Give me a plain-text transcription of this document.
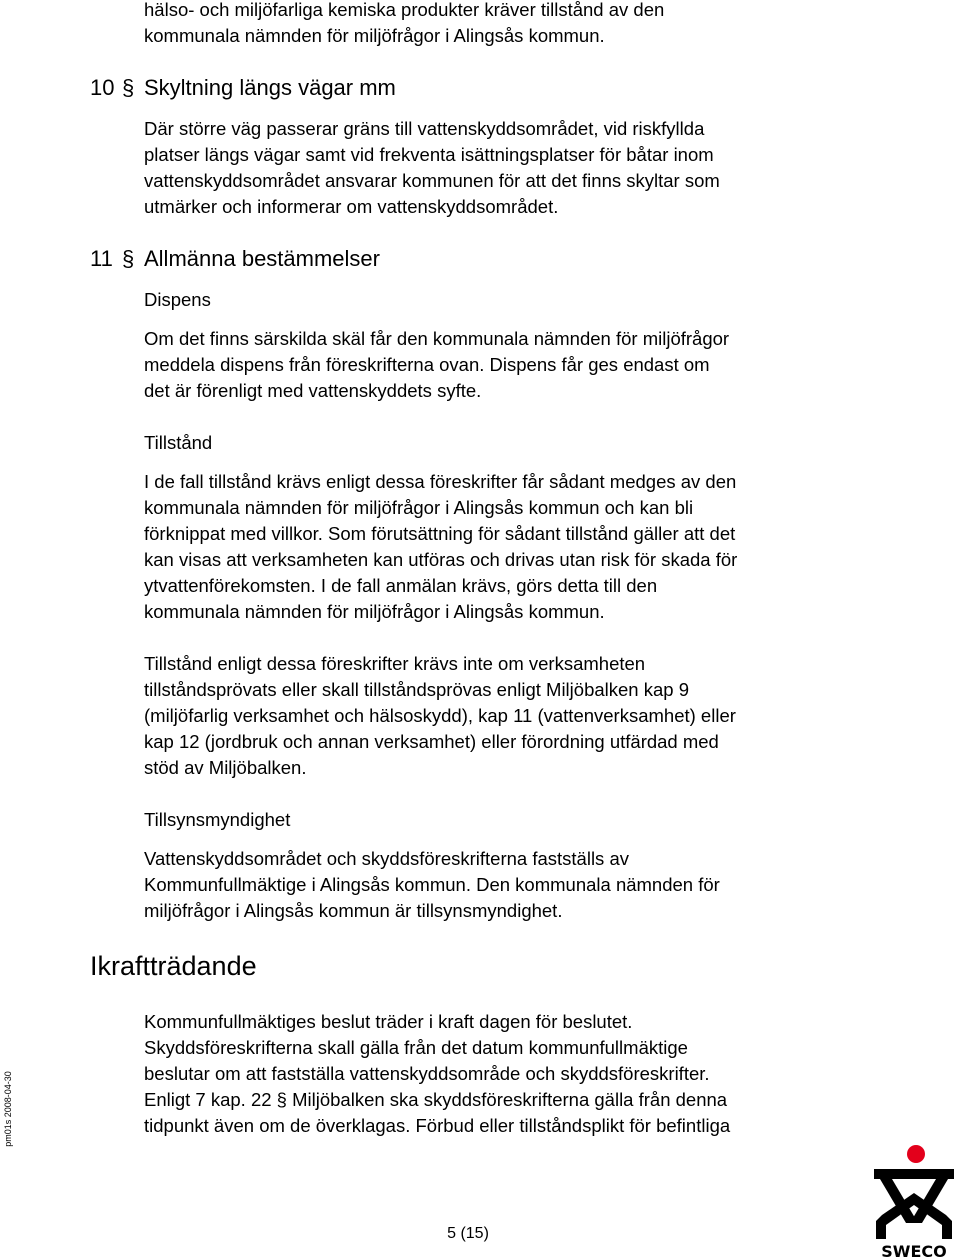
hälso- och miljöfarliga kemiska produkter kräver tillstånd av den
kommunala nämnden för miljöfrågor i Alingsås kommun.

10 § Skyltning längs vägar mm

Där större väg passerar gräns till vattenskyddsområdet, vid riskfyllda
platser längs vägar samt vid frekventa isättningsplatser för båtar inom
vattenskyddsområdet ansvarar kommunen för att det finns skyltar som
utmärker och informerar om vattenskyddsområdet.

11 § Allmänna bestämmelser

Dispens

Om det finns särskilda skäl får den kommunala nämnden för miljöfrågor
meddela dispens från föreskrifterna ovan. Dispens får ges endast om
det är förenligt med vattenskyddets syfte.

Tillstånd

I de fall tillstånd krävs enligt dessa föreskrifter får sådant medges av den
kommunala nämnden för miljöfrågor i Alingsås kommun och kan bli
förknippat med villkor. Som förutsättning för sådant tillstånd gäller att det
kan visas att verksamheten kan utföras och drivas utan risk för skada för
ytvattenförekomsten. I de fall anmälan krävs, görs detta till den
kommunala nämnden för miljöfrågor i Alingsås kommun.

Tillstånd enligt dessa föreskrifter krävs inte om verksamheten
tillståndsprövats eller skall tillståndsprövas enligt Miljöbalken kap 9
(miljöfarlig verksamhet och hälsoskydd), kap 11 (vattenverksamhet) eller
kap 12 (jordbruk och annan verksamhet) eller förordning utfärdad med
stöd av Miljöbalken.

Tillsynsmyndighet

Vattenskyddsområdet och skyddsföreskrifterna fastställs av
Kommunfullmäktige i Alingsås kommun. Den kommunala nämnden för
miljöfrågor i Alingsås kommun är tillsynsmyndighet.

Ikraftträdande

Kommunfullmäktiges beslut träder i kraft dagen för beslutet.
Skyddsföreskrifterna skall gälla från det datum kommunfullmäktige
beslutar om att fastställa vattenskyddsområde och skyddsföreskrifter.
Enligt 7 kap. 22 § Miljöbalken ska skyddsföreskrifterna gälla från denna
tidpunkt även om de överklagas. Förbud eller tillståndsplikt för befintliga

pm01s 2008-04-30
5 (15)
SWECO
